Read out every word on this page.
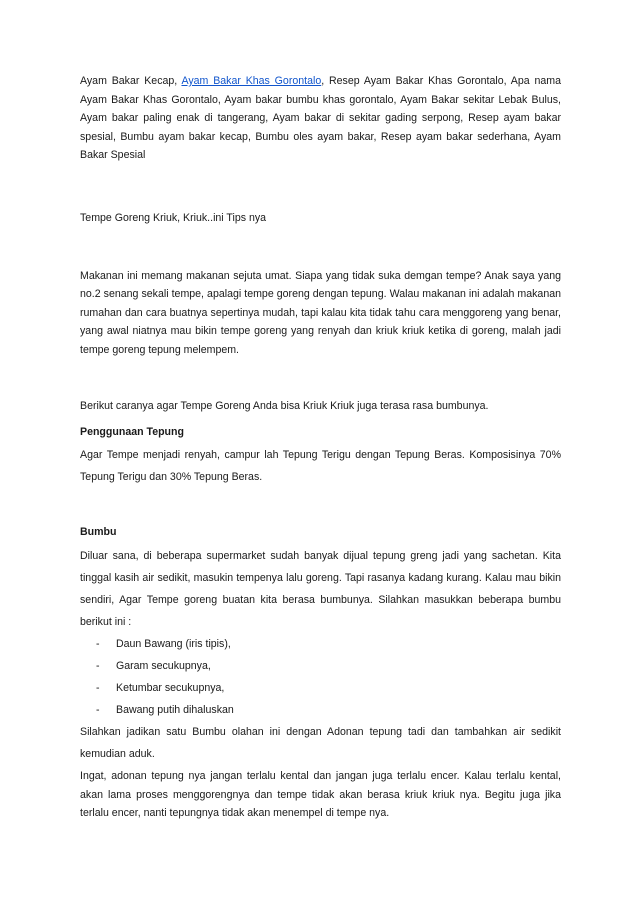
Ayam Bakar Kecap, Ayam Bakar Khas Gorontalo, Resep Ayam Bakar Khas Gorontalo, Apa nama Ayam Bakar Khas Gorontalo, Ayam bakar bumbu khas gorontalo, Ayam Bakar sekitar Lebak Bulus, Ayam bakar paling enak di tangerang, Ayam bakar di sekitar gading serpong, Resep ayam bakar spesial, Bumbu ayam bakar kecap, Bumbu oles ayam bakar, Resep ayam bakar sederhana, Ayam Bakar Spesial

Tempe Goreng Kriuk, Kriuk..ini Tips nya

Makanan ini memang makanan sejuta umat. Siapa yang tidak suka demgan tempe? Anak saya yang no.2 senang sekali tempe, apalagi tempe goreng dengan tepung. Walau makanan ini adalah makanan rumahan dan cara buatnya sepertinya mudah, tapi kalau kita tidak tahu cara menggoreng yang benar, yang awal niatnya mau bikin tempe goreng yang renyah dan kriuk kriuk ketika di goreng, malah jadi tempe goreng tepung melempem.

Berikut caranya agar Tempe Goreng Anda bisa Kriuk Kriuk juga terasa rasa bumbunya.

Penggunaan Tepung

Agar Tempe menjadi renyah, campur lah Tepung Terigu dengan Tepung Beras. Komposisinya 70% Tepung Terigu dan 30% Tepung Beras.

Bumbu

Diluar sana, di beberapa supermarket sudah banyak dijual tepung greng jadi yang sachetan. Kita tinggal kasih air sedikit, masukin tempenya lalu goreng. Tapi rasanya kadang kurang. Kalau mau bikin sendiri, Agar Tempe goreng buatan kita berasa bumbunya. Silahkan masukkan beberapa bumbu berikut ini :

- Daun Bawang (iris tipis),
- Garam secukupnya,
- Ketumbar secukupnya,
- Bawang putih dihaluskan

Silahkan jadikan satu Bumbu olahan ini dengan Adonan tepung tadi dan tambahkan air sedikit kemudian aduk.

Ingat, adonan tepung nya jangan terlalu kental dan jangan juga terlalu encer. Kalau terlalu kental, akan lama proses menggorengnya dan tempe tidak akan berasa kriuk kriuk nya. Begitu juga jika terlalu encer, nanti tepungnya tidak akan menempel di tempe nya.
